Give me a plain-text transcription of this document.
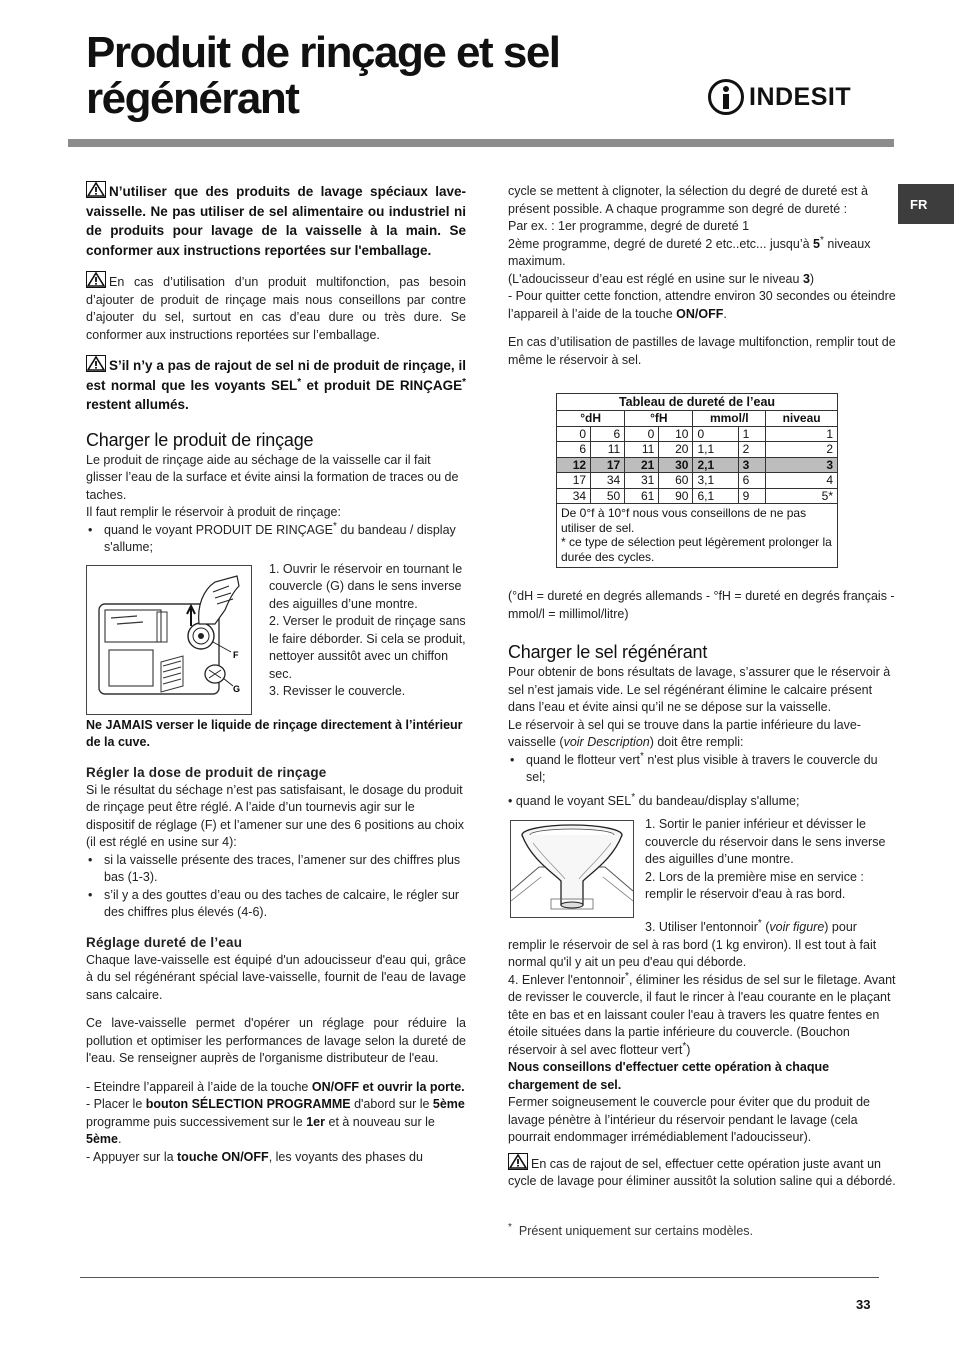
Produit de rinçage et sel régénérant	INDESIT
FR

N’utiliser que des produits de lavage spéciaux lave-vaisselle. Ne pas utiliser de sel alimentaire ou industriel ni de produits pour lavage de la vaisselle à la main. Se conformer aux instructions reportées sur l'emballage.

En cas d’utilisation d’un produit multifonction, pas besoin d’ajouter de produit de rinçage mais nous conseillons par contre d’ajouter du sel, surtout en cas d’eau dure ou très dure. Se conformer aux instructions reportées sur l’emballage.

S’il n’y a pas de rajout de sel ni de produit de rinçage, il est normal que les voyants SEL* et produit DE RINÇAGE* restent allumés.

Charger le produit de rinçage

Le produit de rinçage aide au séchage de la vaisselle car il fait glisser l’eau de la surface et évite ainsi la formation de traces ou de taches.

Il faut remplir le réservoir à produit de rinçage:

• quand le voyant PRODUIT DE RINÇAGE* du bandeau / display s'allume;

F
G

1. Ouvrir le réservoir en tournant le couvercle (G) dans le sens inverse des aiguilles d’une montre.

2. Verser le produit de rinçage sans le faire déborder. Si cela se produit, nettoyer aussitôt avec un chiffon sec.

3. Revisser le couvercle.

Ne JAMAIS verser le liquide de rinçage directement à l’intérieur de la cuve.

Régler la dose de produit de rinçage

Si le résultat du séchage n’est pas satisfaisant, le dosage du produit de rinçage peut être réglé. A l’aide d’un tournevis agir sur le dispositif de réglage (F) et l’amener sur une des 6 positions au choix (il est réglé en usine sur 4):

• si la vaisselle présente des traces, l’amener sur des chiffres plus bas (1-3).

• s’il y a des gouttes d’eau ou des taches de calcaire, le régler sur des chiffres plus élevés (4-6).

Réglage dureté de l’eau

Chaque lave-vaisselle est équipé d'un adoucisseur d'eau qui, grâce à du sel régénérant spécial lave-vaisselle, fournit de l'eau de lavage sans calcaire.

Ce lave-vaisselle permet d'opérer un réglage pour réduire la pollution et optimiser les performances de lavage selon la dureté de l'eau. Se renseigner auprès de l'organisme distributeur de l'eau.

- Eteindre l’appareil à l’aide de la touche ON/OFF et ouvrir la porte.

- Placer le bouton SÉLECTION PROGRAMME d'abord sur le 5ème programme puis successivement sur le 1er et à nouveau sur le 5ème.

- Appuyer sur la touche ON/OFF, les voyants des phases du

cycle se mettent à clignoter, la sélection du degré de dureté est à présent possible. A chaque programme son degré de dureté :

Par ex. : 1er programme, degré de dureté 1

2ème programme, degré de dureté 2 etc..etc... jusqu’à 5* niveaux maximum.

(L'adoucisseur d’eau est réglé en usine sur le niveau 3)

- Pour quitter cette fonction, attendre environ 30 secondes ou éteindre l’appareil à l’aide de la touche ON/OFF.

En cas d’utilisation de pastilles de lavage multifonction, remplir tout de même le réservoir à sel.

Tableau de dureté de l’eau						
°dH		°fH		mmol/l		niveau
0	6	0	10	0	1	1
6	11	11	20	1,1	2	2
12	17	21	30	2,1	3	3
17	34	31	60	3,1	6	4
34	50	61	90	6,1	9	5*
De 0°f à 10°f nous vous conseillons de ne pas utiliser de sel.
* ce type de sélection peut légèrement prolonger la durée des cycles.						

(°dH = dureté en degrés allemands - °fH = dureté en degrés français - mmol/l = millimol/litre)

Charger le sel régénérant

Pour obtenir de bons résultats de lavage, s’assurer que le réservoir à sel n’est jamais vide. Le sel régénérant élimine le calcaire présent dans l’eau et évite ainsi qu’il ne se dépose sur la vaisselle.

Le réservoir à sel qui se trouve dans la partie inférieure du lave-vaisselle (voir Description) doit être rempli:

• quand le flotteur vert* n'est plus visible à travers le couvercle du sel;

• quand le voyant SEL* du bandeau/display s'allume;

1. Sortir le panier inférieur et dévisser le couvercle du réservoir dans le sens inverse des aiguilles d’une montre.

2. Lors de la première mise en service : remplir le réservoir d'eau à ras bord.

3. Utiliser l'entonnoir* (voir figure) pour remplir le réservoir de sel à ras bord (1 kg environ). Il est tout à fait normal qu'il y ait un peu d'eau qui déborde.

4. Enlever l'entonnoir*, éliminer les résidus de sel sur le filetage. Avant de revisser le couvercle, il faut le rincer à l'eau courante en le plaçant tête en bas et en laissant couler l'eau à travers les quatre fentes en étoile situées dans la partie inférieure du couvercle. (Bouchon réservoir à sel avec flotteur vert*)

Nous conseillons d'effectuer cette opération à chaque chargement de sel.

Fermer soigneusement le couvercle pour éviter que du produit de lavage pénètre à l’intérieur du réservoir pendant le lavage (cela pourrait endommager irrémédiablement l'adoucisseur).

En cas de rajout de sel, effectuer cette opération juste avant un cycle de lavage pour éliminer aussitôt la solution saline qui a débordé.

* Présent uniquement sur certains modèles.

33
